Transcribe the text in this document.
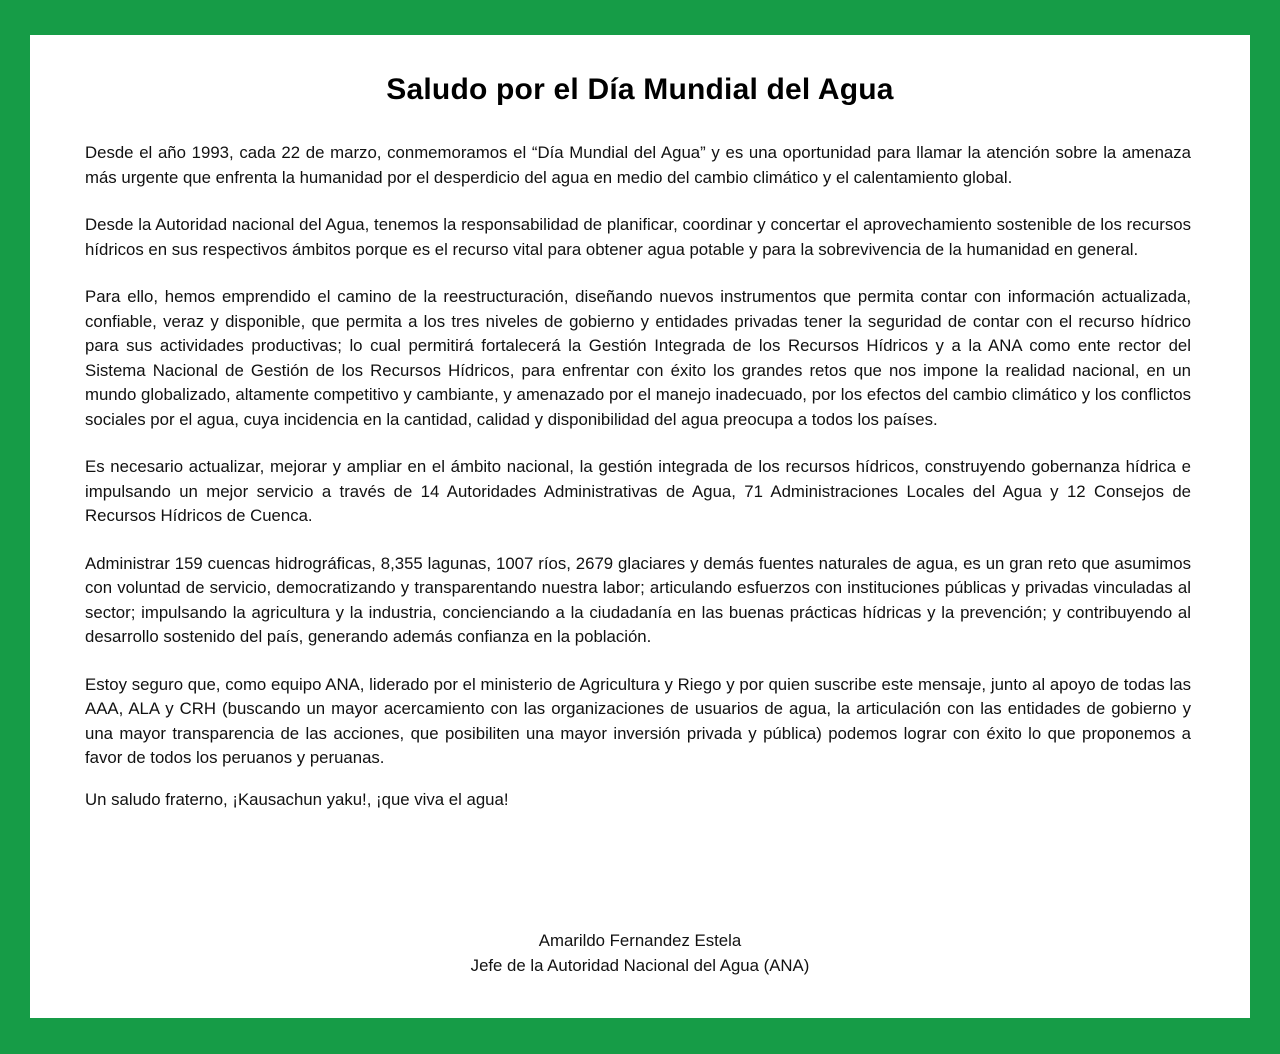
Saludo por el Día Mundial del Agua

Desde el año 1993, cada 22 de marzo, conmemoramos el “Día Mundial del Agua” y es una oportunidad para llamar la atención sobre la amenaza más urgente que enfrenta la humanidad por el desperdicio del agua en medio del cambio climático y el calentamiento global.

Desde la Autoridad nacional del Agua, tenemos la responsabilidad de planificar, coordinar y concertar el aprovechamiento sostenible de los recursos hídricos en sus respectivos ámbitos porque es el recurso vital para obtener agua potable y para la sobrevivencia de la humanidad en general.

Para ello, hemos emprendido el camino de la reestructuración, diseñando nuevos instrumentos que permita contar con información actualizada, confiable, veraz y disponible, que permita a los tres niveles de gobierno y entidades privadas tener la seguridad de contar con el recurso hídrico para sus actividades productivas; lo cual permitirá fortalecerá la Gestión Integrada de los Recursos Hídricos y a la ANA como ente rector del Sistema Nacional de Gestión de los Recursos Hídricos, para enfrentar con éxito los grandes retos que nos impone la realidad nacional, en un mundo globalizado, altamente competitivo y cambiante, y amenazado por el manejo inadecuado, por los efectos del cambio climático y los conflictos sociales por el agua, cuya incidencia en la cantidad, calidad y disponibilidad del agua preocupa a todos los países.

Es necesario actualizar, mejorar y ampliar en el ámbito nacional, la gestión integrada de los recursos hídricos, construyendo gobernanza hídrica e impulsando un mejor servicio a través de 14 Autoridades Administrativas de Agua, 71 Administraciones Locales del Agua y 12 Consejos de Recursos Hídricos de Cuenca.

Administrar 159 cuencas hidrográficas, 8,355 lagunas, 1007 ríos, 2679 glaciares y demás fuentes naturales de agua, es un gran reto que asumimos con voluntad de servicio, democratizando y transparentando nuestra labor; articulando esfuerzos con instituciones públicas y privadas vinculadas al sector; impulsando la agricultura y la industria, concienciando a la ciudadanía en las buenas prácticas hídricas y la prevención; y contribuyendo al desarrollo sostenido del país, generando además confianza en la población.

Estoy seguro que, como equipo ANA, liderado por el ministerio de Agricultura y Riego y por quien suscribe este mensaje, junto al apoyo de todas las AAA, ALA y CRH (buscando un mayor acercamiento con las organizaciones de usuarios de agua, la articulación con las entidades de gobierno y una mayor transparencia de las acciones, que posibiliten una mayor inversión privada y pública) podemos lograr con éxito lo que proponemos a favor de todos los peruanos y peruanas.

Un saludo fraterno, ¡Kausachun yaku!, ¡que viva el agua!

Amarildo Fernandez Estela
Jefe de la Autoridad Nacional del Agua (ANA)
